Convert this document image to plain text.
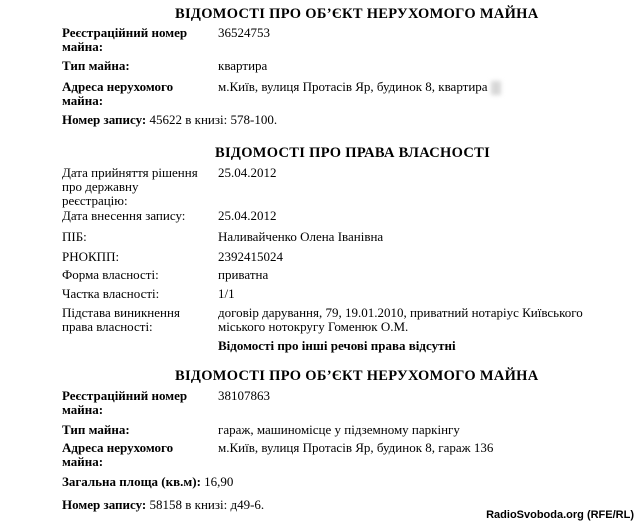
ВІДОМОСТІ ПРО ОБ’ЄКТ НЕРУХОМОГО МАЙНА
Реєстраційний номер майна:
36524753
Тип майна:	квартира
Адреса нерухомого майна:
м.Київ, вулиця Протасів Яр, будинок 8, квартира
Номер запису: 45622 в книзі: 578-100.
ВІДОМОСТІ ПРО ПРАВА ВЛАСНОСТІ
Дата прийняття рішення про державну реєстрацію:
25.04.2012
Дата внесення запису:	25.04.2012
ПІБ:	Наливайченко Олена Іванівна
РНОКПП:	2392415024
Форма власності:	приватна
Частка власності:	1/1
Підстава виникнення права власності:
договір дарування, 79, 19.01.2010, приватний нотаріус Київського міського нотокругу Гоменюк О.М.
Відомості про інші речові права відсутні
ВІДОМОСТІ ПРО ОБ’ЄКТ НЕРУХОМОГО МАЙНА
Реєстраційний номер майна:
38107863
Тип майна:	гараж, машиномісце у підземному паркінгу
Адреса нерухомого майна:
м.Київ, вулиця Протасів Яр, будинок 8, гараж 136
Загальна площа (кв.м): 16,90
Номер запису: 58158 в книзі: д49-6.
RadioSvoboda.org (RFE/RL)
